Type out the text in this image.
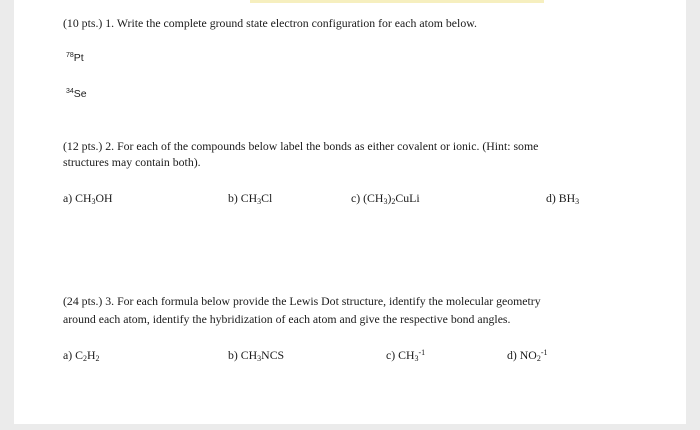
(10 pts.) 1. Write the complete ground state electron configuration for each atom below.
$^{78}$Pt
$^{34}$Se
(12 pts.) 2. For each of the compounds below label the bonds as either covalent or ionic. (Hint: some
structures may contain both).
a) $CH_3OH$	b) $CH_3Cl$	c) $(CH_3)_2CuLi$	d) $BH_3$
(24 pts.) 3. For each formula below provide the Lewis Dot structure, identify the molecular geometry
around each atom, identify the hybridization of each atom and give the respective bond angles.
a) $C_2H_2$	b) $CH_3NCS$	c) $CH_3^{-1}$	d) $NO_2^{-1}$
